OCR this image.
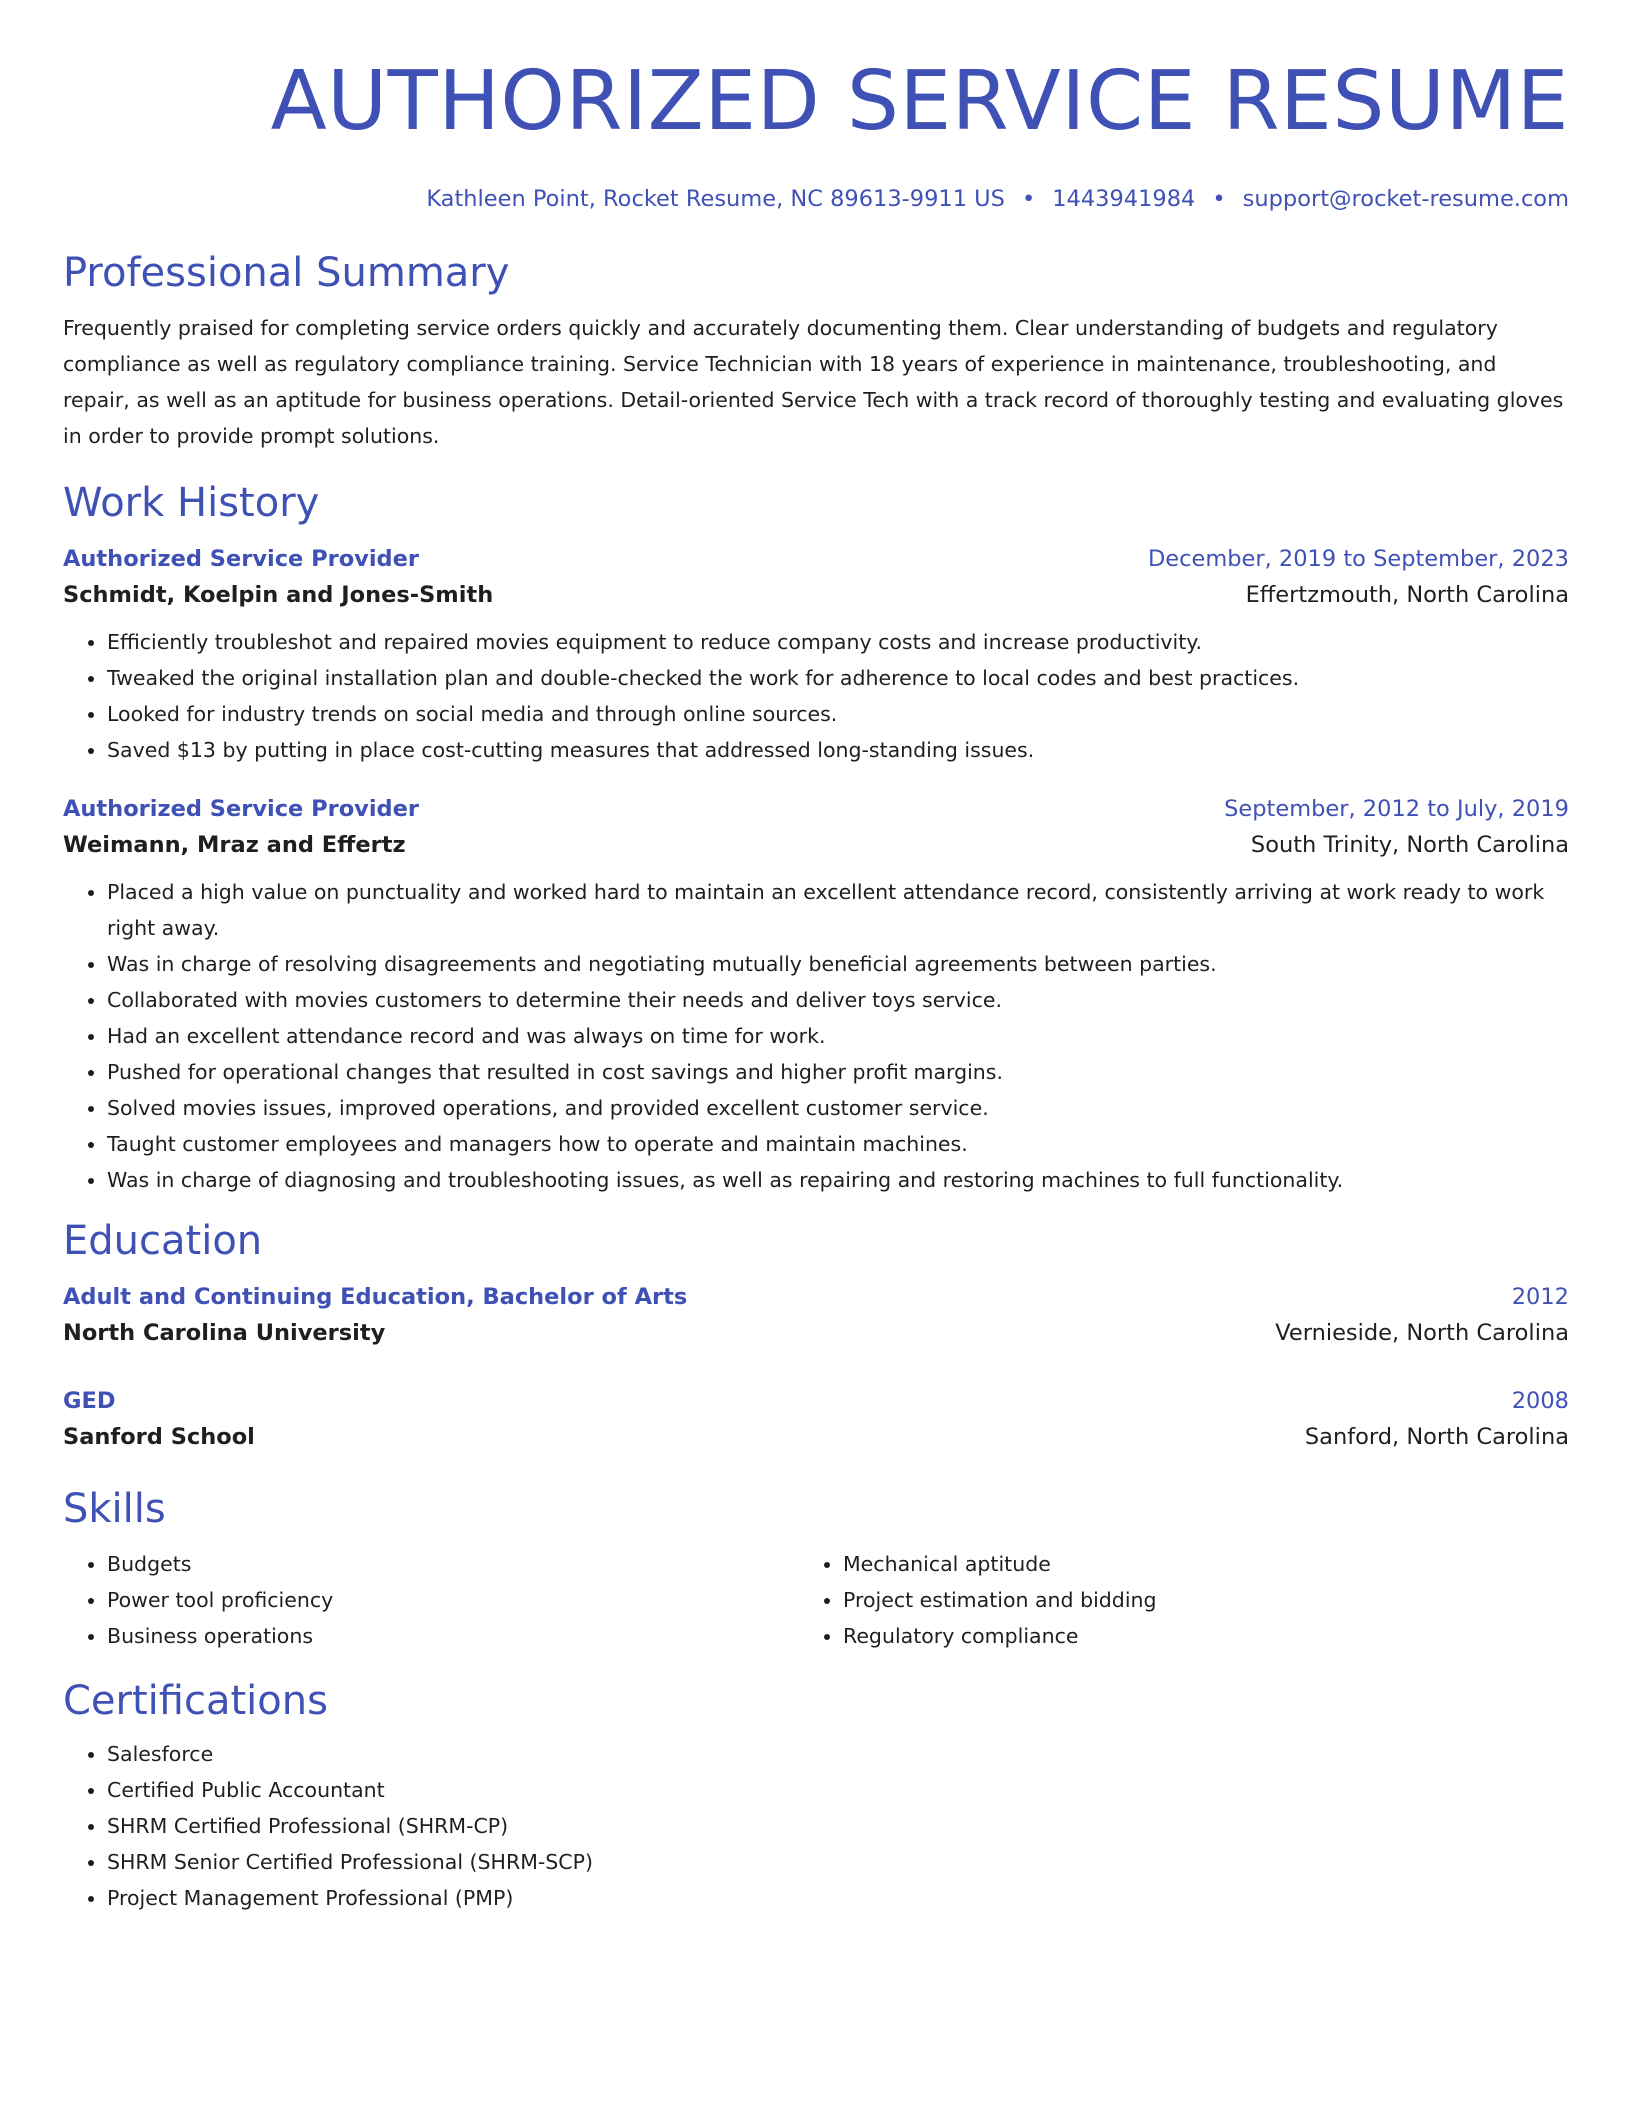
AUTHORIZED SERVICE RESUME
Kathleen Point, Rocket Resume, NC 89613-9911 US • 1443941984 • support@rocket-resume.com
Professional Summary

Frequently praised for completing service orders quickly and accurately documenting them. Clear understanding of budgets and regulatory compliance as well as regulatory compliance training. Service Technician with 18 years of experience in maintenance, troubleshooting, and repair, as well as an aptitude for business operations. Detail-oriented Service Tech with a track record of thoroughly testing and evaluating gloves in order to provide prompt solutions.

Work History
Authorized Service Provider	December, 2019 to September, 2023
Schmidt, Koelpin and Jones-Smith	Effertzmouth, North Carolina
• Efficiently troubleshot and repaired movies equipment to reduce company costs and increase productivity.
• Tweaked the original installation plan and double-checked the work for adherence to local codes and best practices.
• Looked for industry trends on social media and through online sources.
• Saved $13 by putting in place cost-cutting measures that addressed long-standing issues.
Authorized Service Provider	September, 2012 to July, 2019
Weimann, Mraz and Effertz	South Trinity, North Carolina
• Placed a high value on punctuality and worked hard to maintain an excellent attendance record, consistently arriving at work ready to work right away.
• Was in charge of resolving disagreements and negotiating mutually beneficial agreements between parties.
• Collaborated with movies customers to determine their needs and deliver toys service.
• Had an excellent attendance record and was always on time for work.
• Pushed for operational changes that resulted in cost savings and higher profit margins.
• Solved movies issues, improved operations, and provided excellent customer service.
• Taught customer employees and managers how to operate and maintain machines.
• Was in charge of diagnosing and troubleshooting issues, as well as repairing and restoring machines to full functionality.
Education
Adult and Continuing Education, Bachelor of Arts	2012
North Carolina University	Vernieside, North Carolina
GED	2008
Sanford School	Sanford, North Carolina
Skills
• Budgets
• Power tool proficiency
• Business operations
• Mechanical aptitude
• Project estimation and bidding
• Regulatory compliance
Certifications
• Salesforce
• Certified Public Accountant
• SHRM Certified Professional (SHRM-CP)
• SHRM Senior Certified Professional (SHRM-SCP)
• Project Management Professional (PMP)
